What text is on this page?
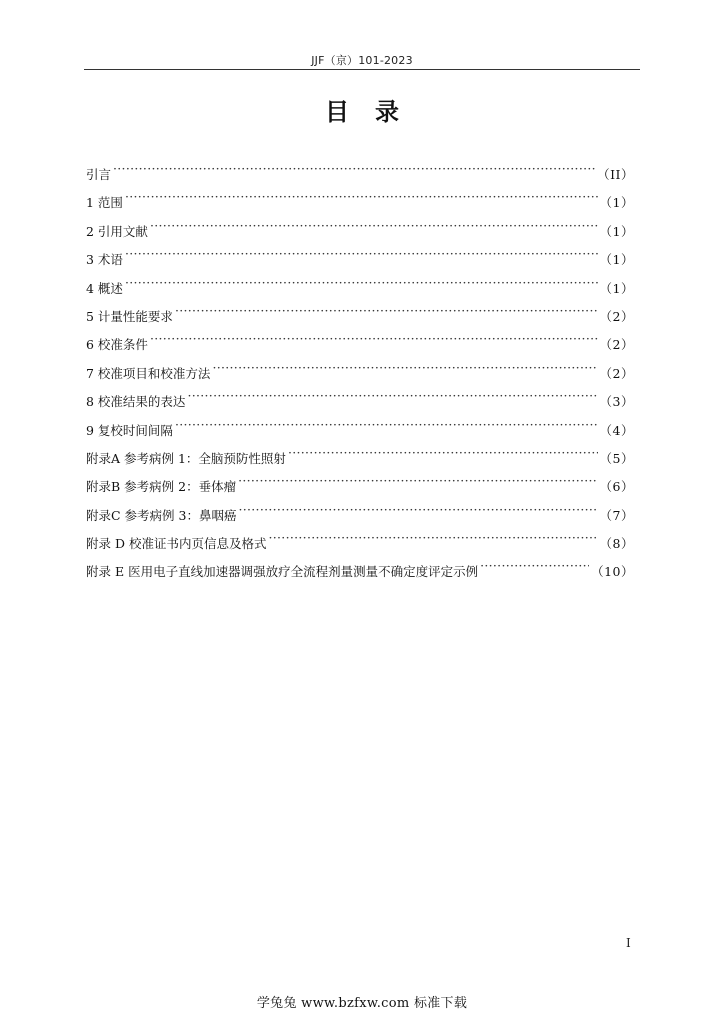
JJF（京）101-2023
目录
引言 ·····	（II）
1 范围 ·····	（1）
2 引用文献 ·····	（1）
3 术语 ·····	（1）
4 概述 ·····	（1）
5 计量性能要求 ·····	（2）
6 校准条件 ·····	（2）
7 校准项目和校准方法 ·····	（2）
8 校准结果的表达 ·····	（3）
9 复校时间间隔 ·····	（4）
附录A 参考病例 1：全脑预防性照射 ·····	（5）
附录B 参考病例 2：垂体瘤 ·····	（6）
附录C 参考病例 3：鼻咽癌 ·····	（7）
附录 D 校准证书内页信息及格式 ·····	（8）
附录 E 医用电子直线加速器调强放疗全流程剂量测量不确定度评定示例 ·····	（10）
I
学兔兔 www.bzfxw.com 标准下载
